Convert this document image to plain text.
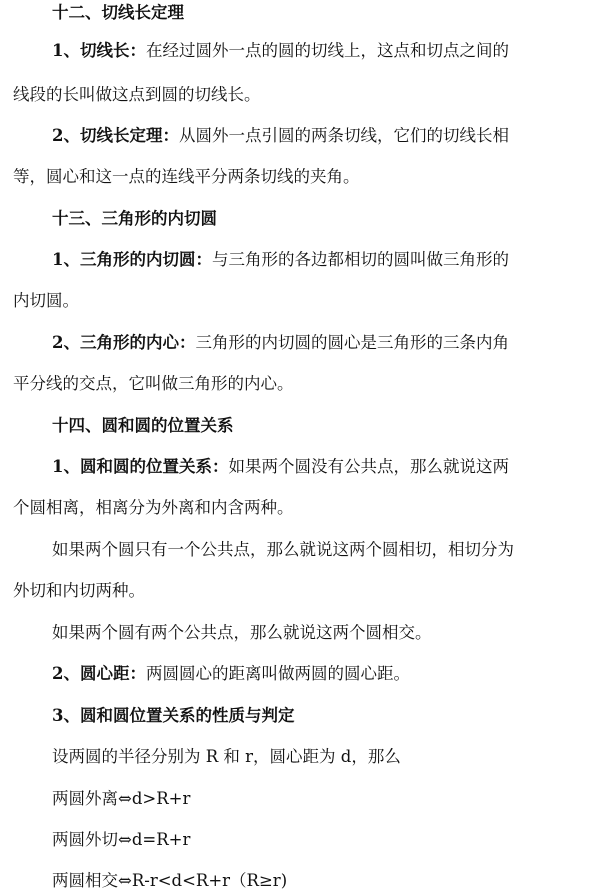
十二、切线长定理
1、切线长：在经过圆外一点的圆的切线上，这点和切点之间的
线段的长叫做这点到圆的切线长。
2、切线长定理：从圆外一点引圆的两条切线，它们的切线长相
等，圆心和这一点的连线平分两条切线的夹角。
十三、三角形的内切圆
1、三角形的内切圆：与三角形的各边都相切的圆叫做三角形的
内切圆。
2、三角形的内心：三角形的内切圆的圆心是三角形的三条内角
平分线的交点，它叫做三角形的内心。
十四、圆和圆的位置关系
1、圆和圆的位置关系：如果两个圆没有公共点，那么就说这两
个圆相离，相离分为外离和内含两种。
如果两个圆只有一个公共点，那么就说这两个圆相切，相切分为
外切和内切两种。
如果两个圆有两个公共点，那么就说这两个圆相交。
2、圆心距：两圆圆心的距离叫做两圆的圆心距。
3、圆和圆位置关系的性质与判定
设两圆的半径分别为 R 和 r，圆心距为 d，那么
两圆外离⇔d>R+r
两圆外切⇔d=R+r
两圆相交⇔R-r<d<R+r（R≥r)
